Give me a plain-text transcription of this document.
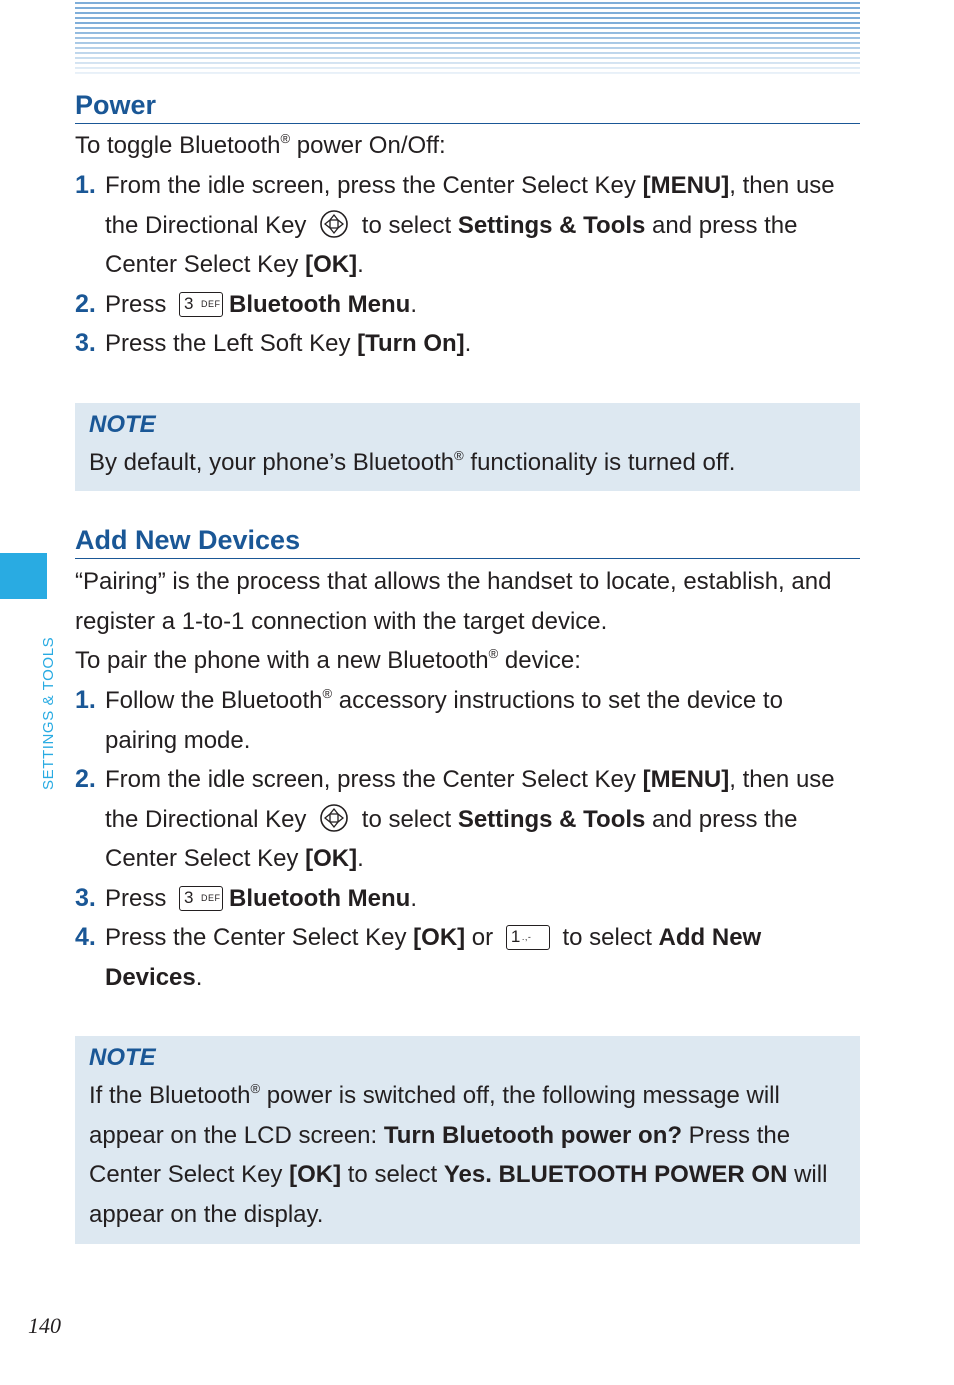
SETTINGS & TOOLS
Power
To toggle Bluetooth® power On/Off:
1. From the idle screen, press the Center Select Key [MENU], then use the Directional Key  to select Settings & Tools and press the Center Select Key [OK].
2. Press 3 DEF Bluetooth Menu.
3. Press the Left Soft Key [Turn On].
NOTE
By default, your phone’s Bluetooth® functionality is turned off.
Add New Devices
“Pairing” is the process that allows the handset to locate, establish, and register a 1-to-1 connection with the target device.
To pair the phone with a new Bluetooth® device:
1. Follow the Bluetooth® accessory instructions to set the device to pairing mode.
2. From the idle screen, press the Center Select Key [MENU], then use the Directional Key  to select Settings & Tools and press the Center Select Key [OK].
3. Press 3 DEF Bluetooth Menu.
4. Press the Center Select Key [OK] or 1 .,- to select Add New Devices.
NOTE
If the Bluetooth® power is switched off, the following message will appear on the LCD screen: Turn Bluetooth power on? Press the Center Select Key [OK] to select Yes. BLUETOOTH POWER ON will appear on the display.
140
